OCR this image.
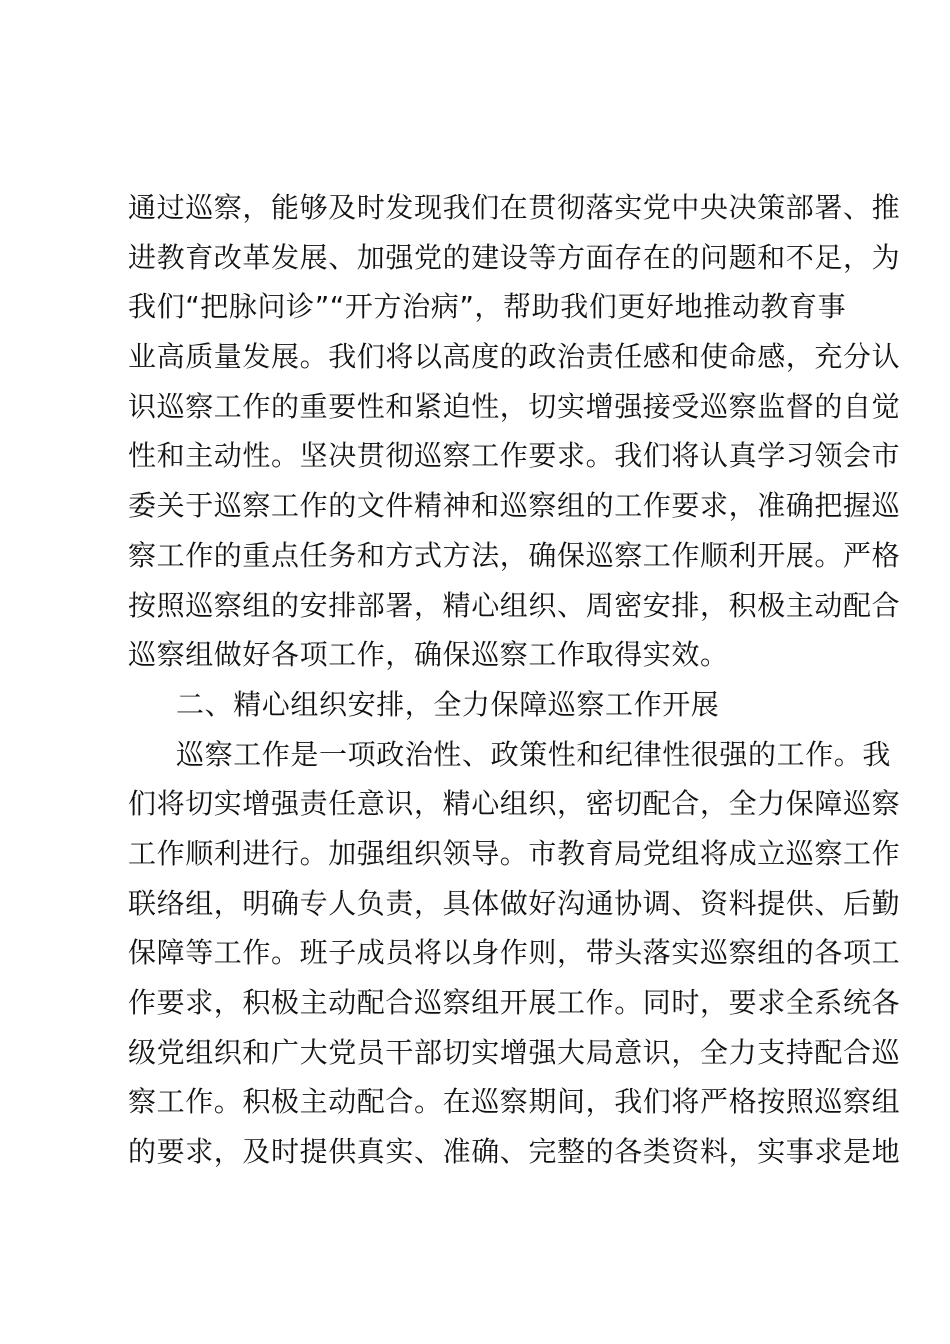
通过巡察，能够及时发现我们在贯彻落实党中央决策部署、推
进教育改革发展、加强党的建设等方面存在的问题和不足，为
我们“把脉问诊”“开方治病”，帮助我们更好地推动教育事
业高质量发展。我们将以高度的政治责任感和使命感，充分认
识巡察工作的重要性和紧迫性，切实增强接受巡察监督的自觉
性和主动性。坚决贯彻巡察工作要求。我们将认真学习领会市
委关于巡察工作的文件精神和巡察组的工作要求，准确把握巡
察工作的重点任务和方式方法，确保巡察工作顺利开展。严格
按照巡察组的安排部署，精心组织、周密安排，积极主动配合
巡察组做好各项工作，确保巡察工作取得实效。
二、精心组织安排，全力保障巡察工作开展
巡察工作是一项政治性、政策性和纪律性很强的工作。我
们将切实增强责任意识，精心组织，密切配合，全力保障巡察
工作顺利进行。加强组织领导。市教育局党组将成立巡察工作
联络组，明确专人负责，具体做好沟通协调、资料提供、后勤
保障等工作。班子成员将以身作则，带头落实巡察组的各项工
作要求，积极主动配合巡察组开展工作。同时，要求全系统各
级党组织和广大党员干部切实增强大局意识，全力支持配合巡
察工作。积极主动配合。在巡察期间，我们将严格按照巡察组
的要求，及时提供真实、准确、完整的各类资料，实事求是地
